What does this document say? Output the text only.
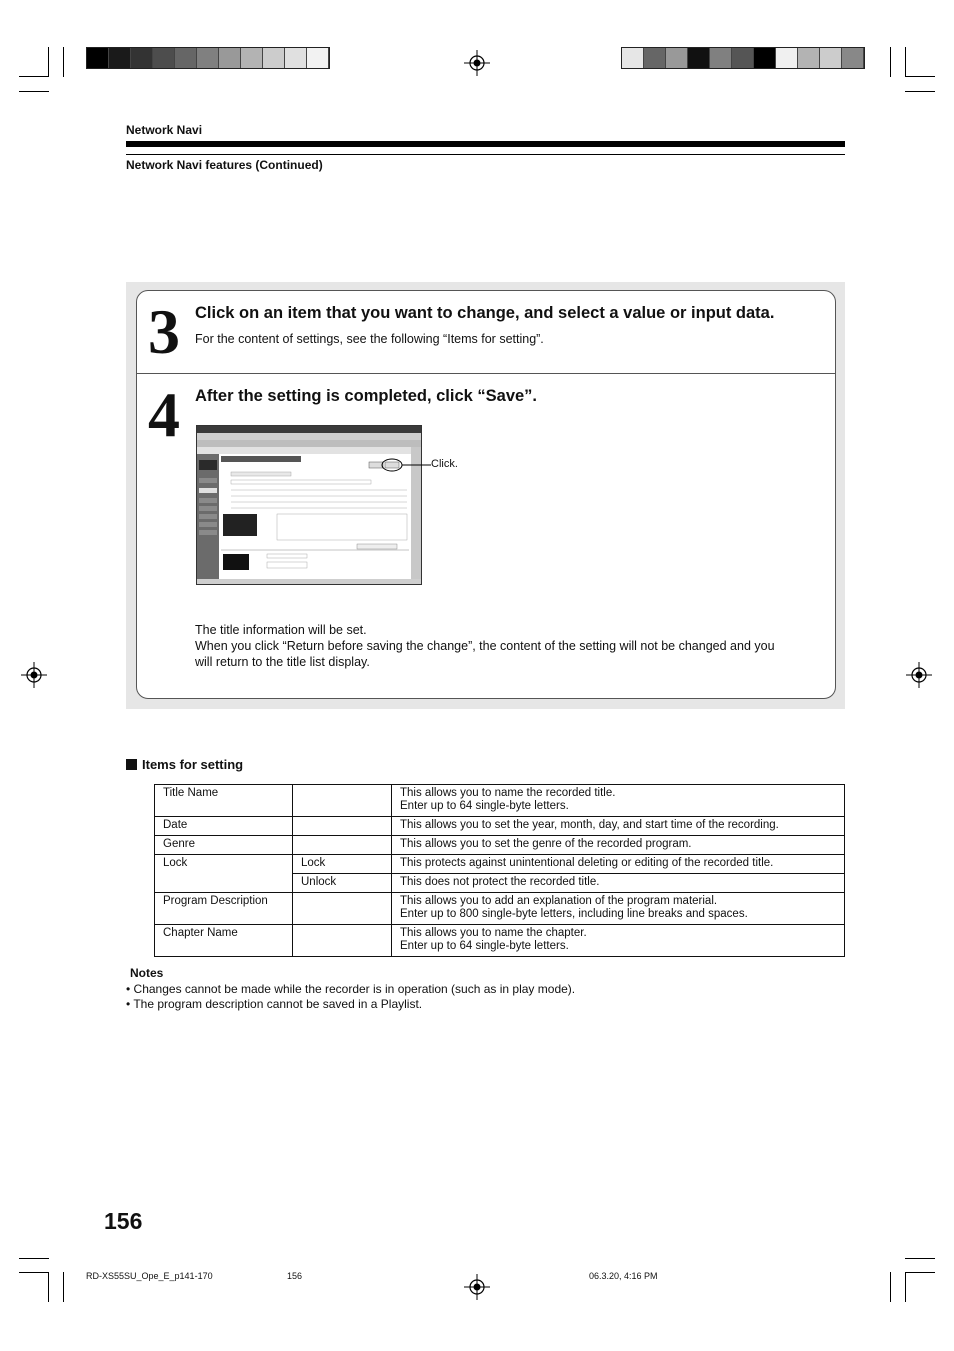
Network Navi
Network Navi features (Continued)
3 Click on an item that you want to change, and select a value or input data.
For the content of settings, see the following “Items for setting”.
4 After the setting is completed, click “Save”.
Click.
The title information will be set.
When you click “Return before saving the change”, the content of the setting will not be changed and you
will return to the title list display.
Items for setting
Title Name		This allows you to name the recorded title.
Enter up to 64 single-byte letters.

Date		This allows you to set the year, month, day, and start time of the recording.

Genre		This allows you to set the genre of the recorded program.

Lock	Lock	This protects against unintentional deleting or editing of the recorded title.

	Unlock	This does not protect the recorded title.

Program Description		This allows you to add an explanation of the program material.
Enter up to 800 single-byte letters, including line breaks and spaces.

Chapter Name		This allows you to name the chapter.
Enter up to 64 single-byte letters.
Notes
• Changes cannot be made while the recorder is in operation (such as in play mode).
• The program description cannot be saved in a Playlist.
156
RD-XS55SU_Ope_E_p141-170	156	06.3.20, 4:16 PM
